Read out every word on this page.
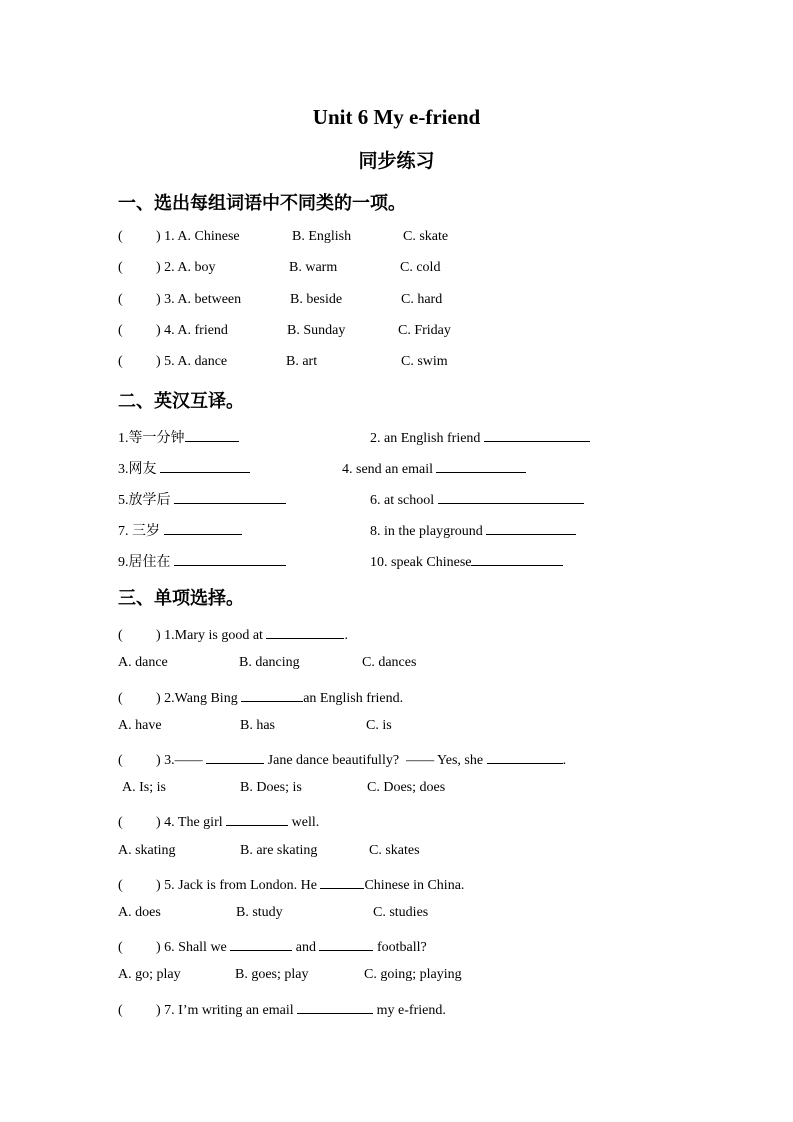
Unit 6 My e-friend
同步练习
一、选出每组词语中不同类的一项。
( ) 1. A. Chinese	B. English	C. skate
( ) 2. A. boy	B. warm	C. cold
( ) 3. A. between	B. beside	C. hard
( ) 4. A. friend	B. Sunday	C. Friday
( ) 5. A. dance	B. art	C. swim
二、英汉互译。
1.等一分钟	2. an English friend
3.网友	4. send an email
5.放学后	6. at school
7. 三岁	8. in the playground
9.居住在	10. speak Chinese
三、单项选择。
( ) 1.Mary is good at	.
A. dance	B. dancing	C. dances
( ) 2.Wang Bing	an English friend.
A. have	B. has	C. is
( ) 3.——	Jane dance beautifully? —— Yes, she	.
A. Is; is	B. Does; is	C. Does; does
( ) 4. The girl	well.
A. skating	B. are skating	C. skates
( ) 5. Jack is from London. He	Chinese in China.
A. does	B. study	C. studies
( ) 6. Shall we	and	football?
A. go; play	B. goes; play	C. going; playing
( ) 7. I’m writing an email	my e-friend.
